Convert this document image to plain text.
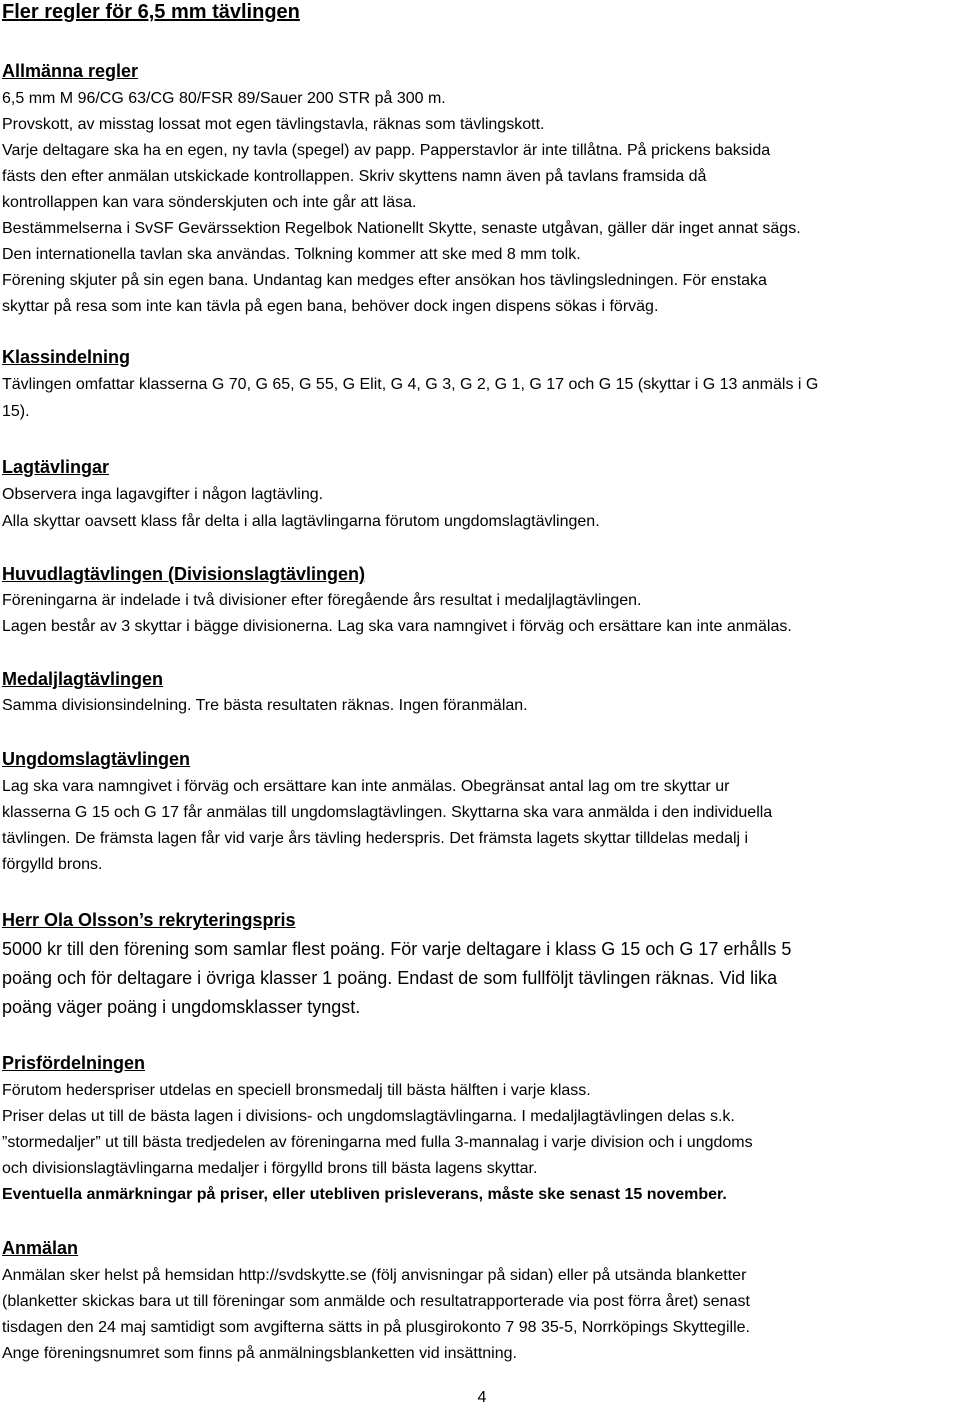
Fler regler för 6,5 mm tävlingen
Allmänna regler
6,5 mm M 96/CG 63/CG 80/FSR 89/Sauer 200 STR på 300 m.
Provskott, av misstag lossat mot egen tävlingstavla, räknas som tävlingskott.
Varje deltagare ska ha en egen, ny tavla (spegel) av papp. Papperstavlor är inte tillåtna. På prickens baksida
fästs den efter anmälan utskickade kontrollappen. Skriv skyttens namn även på tavlans framsida då
kontrollappen kan vara sönderskjuten och inte går att läsa.
Bestämmelserna i SvSF Gevärssektion Regelbok Nationellt Skytte, senaste utgåvan, gäller där inget annat sägs.
Den internationella tavlan ska användas. Tolkning kommer att ske med 8 mm tolk.
Förening skjuter på sin egen bana. Undantag kan medges efter ansökan hos tävlingsledningen. För enstaka
skyttar på resa som inte kan tävla på egen bana, behöver dock ingen dispens sökas i förväg.
Klassindelning
Tävlingen omfattar klasserna G 70, G 65, G 55, G Elit, G 4, G 3, G 2, G 1, G 17 och G 15 (skyttar i G 13 anmäls i G
15).
Lagtävlingar
Observera inga lagavgifter i någon lagtävling.
Alla skyttar oavsett klass får delta i alla lagtävlingarna förutom ungdomslagtävlingen.
Huvudlagtävlingen (Divisionslagtävlingen)
Föreningarna är indelade i två divisioner efter föregående års resultat i medaljlagtävlingen.
Lagen består av 3 skyttar i bägge divisionerna. Lag ska vara namngivet i förväg och ersättare kan inte anmälas.
Medaljlagtävlingen
Samma divisionsindelning. Tre bästa resultaten räknas. Ingen föranmälan.
Ungdomslagtävlingen
Lag ska vara namngivet i förväg och ersättare kan inte anmälas. Obegränsat antal lag om tre skyttar ur
klasserna G 15 och G 17 får anmälas till ungdomslagtävlingen. Skyttarna ska vara anmälda i den individuella
tävlingen. De främsta lagen får vid varje års tävling hederspris. Det främsta lagets skyttar tilldelas medalj i
förgylld brons.
Herr Ola Olsson’s rekryteringspris
5000 kr till den förening som samlar flest poäng. För varje deltagare i klass G 15 och G 17 erhålls 5
poäng och för deltagare i övriga klasser 1 poäng. Endast de som fullföljt tävlingen räknas. Vid lika
poäng väger poäng i ungdomsklasser tyngst.
Prisfördelningen
Förutom hederspriser utdelas en speciell bronsmedalj till bästa hälften i varje klass.
Priser delas ut till de bästa lagen i divisions- och ungdomslagtävlingarna. I medaljlagtävlingen delas s.k.
”stormedaljer” ut till bästa tredjedelen av föreningarna med fulla 3-mannalag i varje division och i ungdoms
och divisionslagtävlingarna medaljer i förgylld brons till bästa lagens skyttar.
Eventuella anmärkningar på priser, eller utebliven prisleverans, måste ske senast 15 november.
Anmälan
Anmälan sker helst på hemsidan http://svdskytte.se (följ anvisningar på sidan) eller på utsända blanketter
(blanketter skickas bara ut till föreningar som anmälde och resultatrapporterade via post förra året) senast
tisdagen den 24 maj samtidigt som avgifterna sätts in på plusgirokonto 7 98 35-5, Norrköpings Skyttegille.
Ange föreningsnumret som finns på anmälningsblanketten vid insättning.
4
